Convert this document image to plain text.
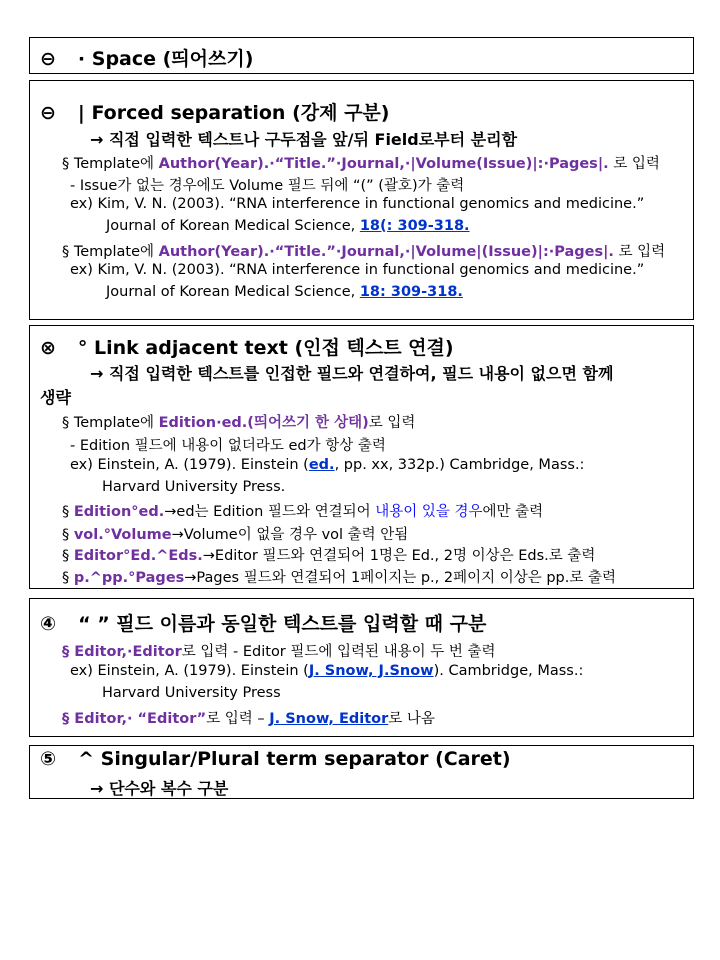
⊖ · Space (띄어쓰기)
⊖ | Forced separation (강제 구분)
→ 직접 입력한 텍스트나 구두점을 앞/뒤 Field로부터 분리함
§ Template에 Author(Year).·“Title.”·Journal,·|Volume(Issue)|:·Pages|. 로 입력
- Issue가 없는 경우에도 Volume 필드 뒤에 “(” (괄호)가 출력
ex) Kim, V. N. (2003). “RNA interference in functional genomics and medicine.”
Journal of Korean Medical Science, 18(: 309-318.
§ Template에 Author(Year).·“Title.”·Journal,·|Volume|(Issue)|:·Pages|. 로 입력
ex) Kim, V. N. (2003). “RNA interference in functional genomics and medicine.”
Journal of Korean Medical Science, 18: 309-318.
⊗ ° Link adjacent text (인접 텍스트 연결)
→ 직접 입력한 텍스트를 인접한 필드와 연결하여, 필드 내용이 없으면 함께
생략
§ Template에 Edition·ed.(띄어쓰기 한 상태)로 입력
- Edition 필드에 내용이 없더라도 ed가 항상 출력
ex) Einstein, A. (1979). Einstein (ed., pp. xx, 332p.) Cambridge, Mass.:
Harvard University Press.
§ Edition°ed.→ed는 Edition 필드와 연결되어 내용이 있을 경우에만 출력
§ vol.°Volume→Volume이 없을 경우 vol 출력 안됨
§ Editor°Ed.^Eds.→Editor 필드와 연결되어 1명은 Ed., 2명 이상은 Eds.로 출력
§ p.^pp.°Pages→Pages 필드와 연결되어 1페이지는 p., 2페이지 이상은 pp.로 출력
④ “ ” 필드 이름과 동일한 텍스트를 입력할 때 구분
§ Editor,·Editor로 입력 - Editor 필드에 입력된 내용이 두 번 출력
ex) Einstein, A. (1979). Einstein (J. Snow, J.Snow). Cambridge, Mass.:
Harvard University Press
§ Editor,· “Editor”로 입력 – J. Snow, Editor로 나옴
⑤ ^ Singular/Plural term separator (Caret)
→ 단수와 복수 구분
